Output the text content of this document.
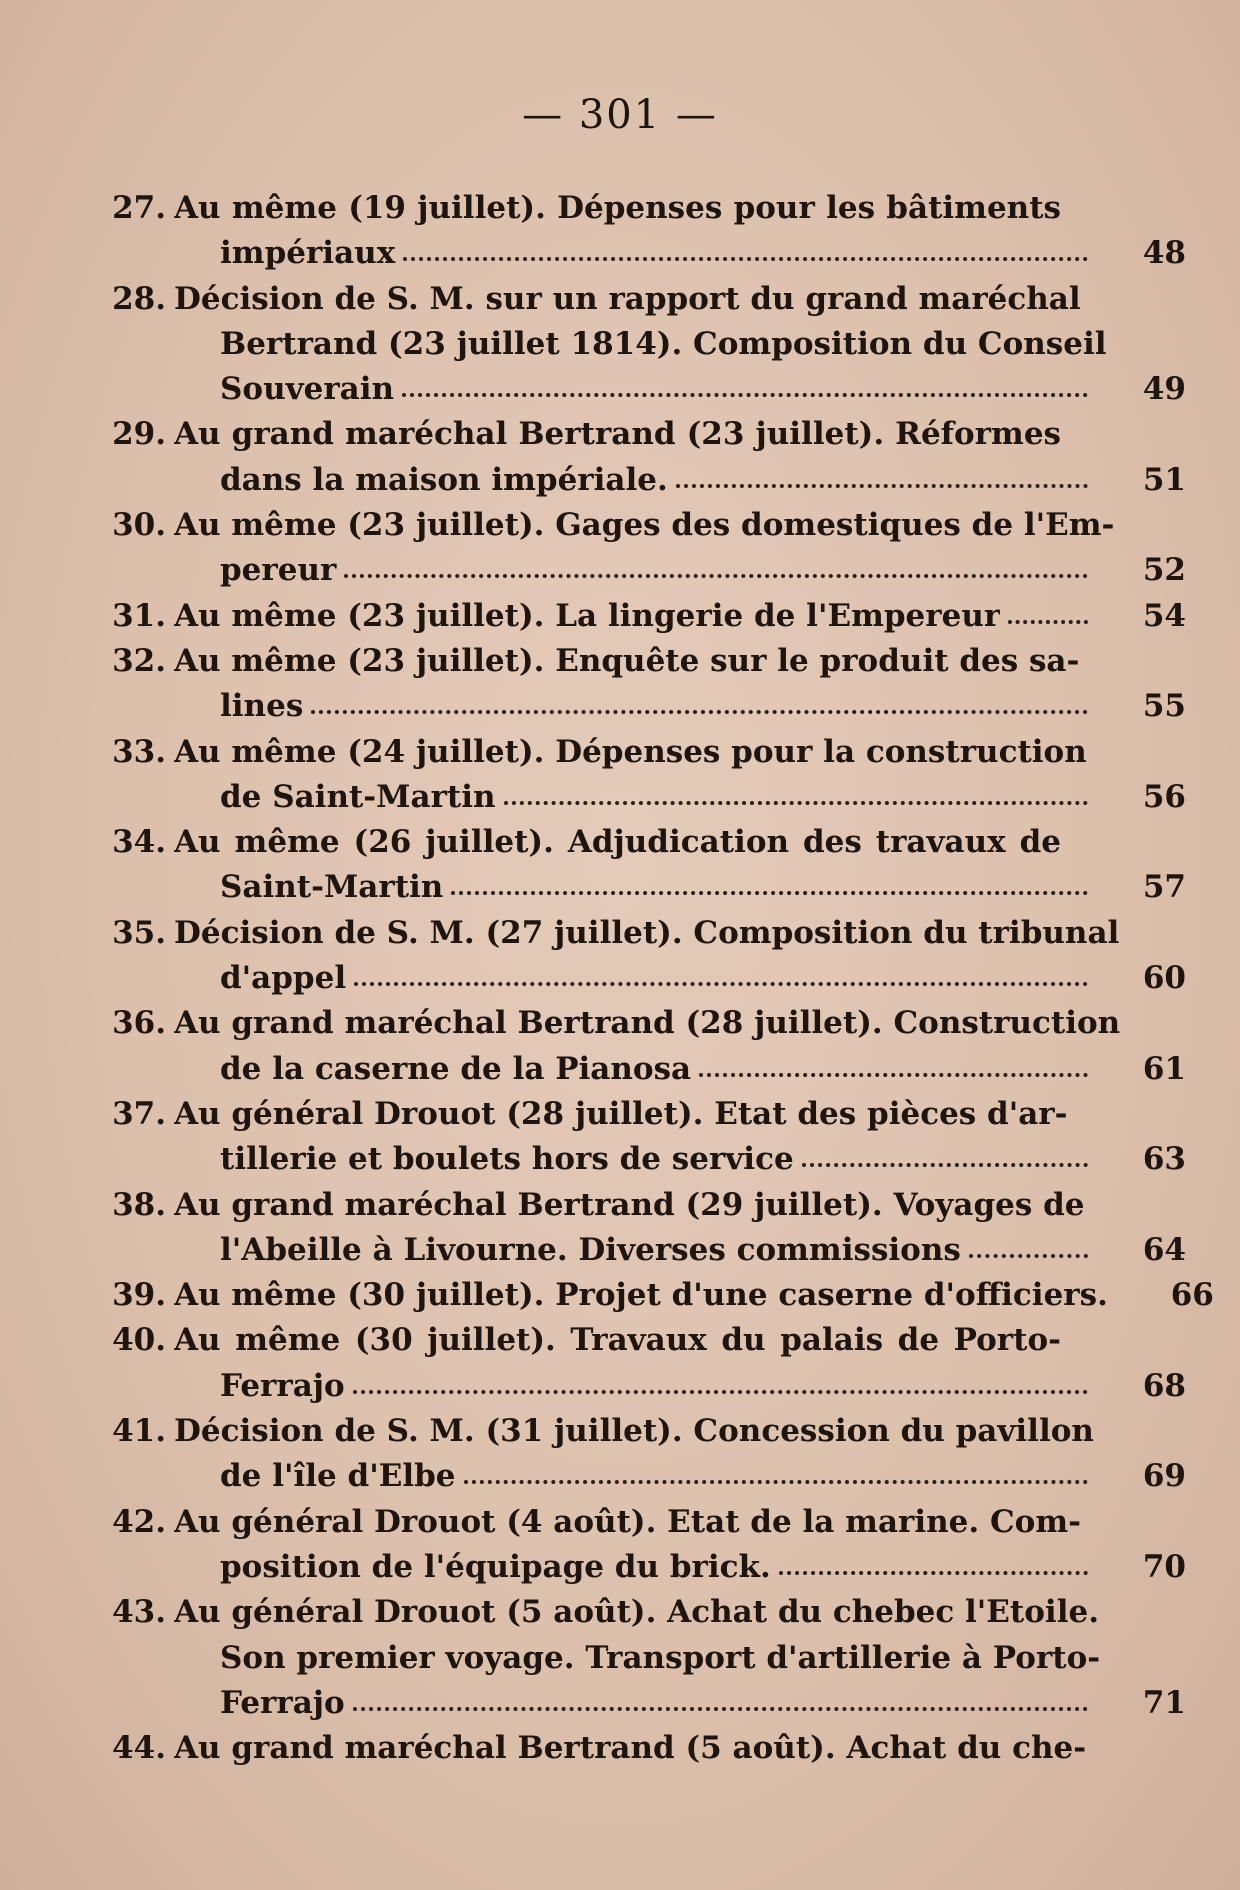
— 301 —
27. Au même (19 juillet). Dépenses pour les bâtiments
impériaux	48
28. Décision de S. M. sur un rapport du grand maréchal
Bertrand (23 juillet 1814). Composition du Conseil
Souverain	49
29. Au grand maréchal Bertrand (23 juillet). Réformes
dans la maison impériale.	51
30. Au même (23 juillet). Gages des domestiques de l'Em-
pereur	52
31. Au même (23 juillet). La lingerie de l'Empereur	54
32. Au même (23 juillet). Enquête sur le produit des sa-
lines	55
33. Au même (24 juillet). Dépenses pour la construction
de Saint-Martin	56
34. Au même (26 juillet). Adjudication des travaux de
Saint-Martin	57
35. Décision de S. M. (27 juillet). Composition du tribunal
d'appel	60
36. Au grand maréchal Bertrand (28 juillet). Construction
de la caserne de la Pianosa	61
37. Au général Drouot (28 juillet). Etat des pièces d'ar-
tillerie et boulets hors de service	63
38. Au grand maréchal Bertrand (29 juillet). Voyages de
l'Abeille à Livourne. Diverses commissions	64
39. Au même (30 juillet). Projet d'une caserne d'officiers.	66
40. Au même (30 juillet). Travaux du palais de Porto-
Ferrajo	68
41. Décision de S. M. (31 juillet). Concession du pavillon
de l'île d'Elbe	69
42. Au général Drouot (4 août). Etat de la marine. Com-
position de l'équipage du brick.	70
43. Au général Drouot (5 août). Achat du chebec l'Etoile.
Son premier voyage. Transport d'artillerie à Porto-
Ferrajo	71
44. Au grand maréchal Bertrand (5 août). Achat du che-
